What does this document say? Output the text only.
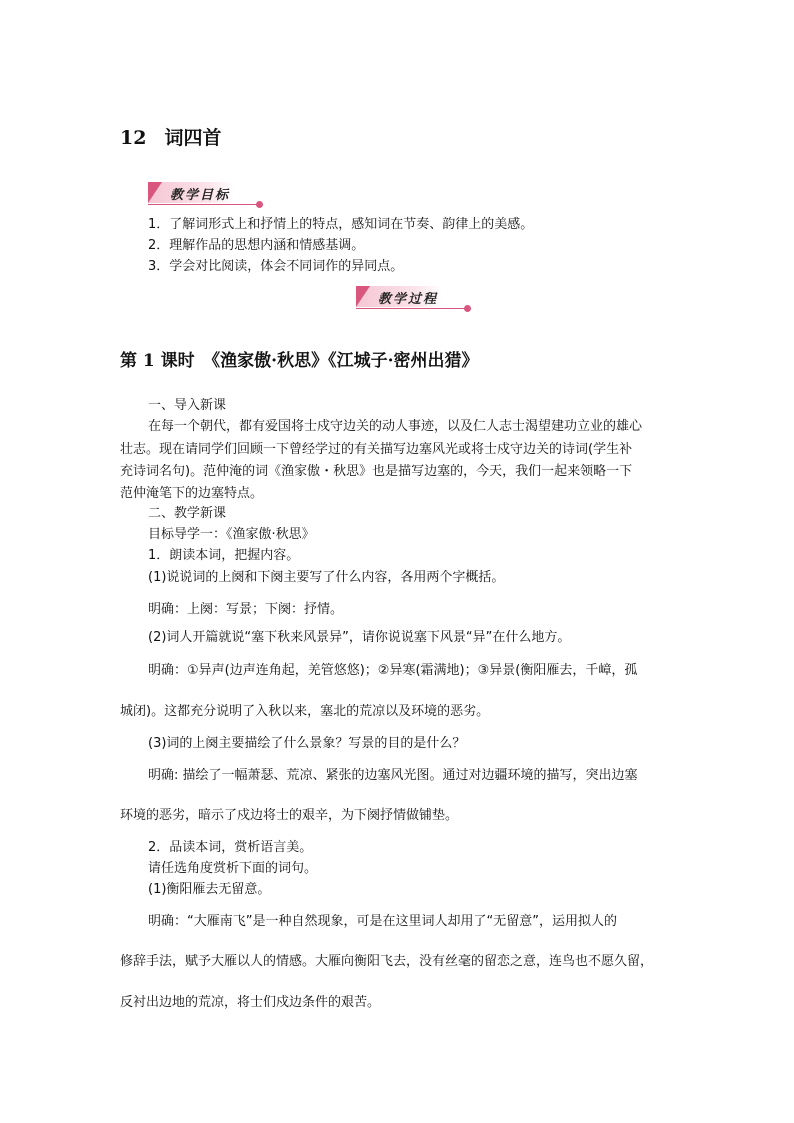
12 词四首
教学目标
1．了解词形式上和抒情上的特点，感知词在节奏、韵律上的美感。
2．理解作品的思想内涵和情感基调。
3．学会对比阅读，体会不同词作的异同点。
教学过程
第 1 课时　《渔家傲·秋思》《江城子·密州出猎》
一、导入新课
在每一个朝代，都有爱国将士戍守边关的动人事迹，以及仁人志士渴望建功立业的雄心
壮志。现在请同学们回顾一下曾经学过的有关描写边塞风光或将士戍守边关的诗词(学生补
充诗词名句)。范仲淹的词《渔家傲・秋思》也是描写边塞的，今天，我们一起来领略一下
范仲淹笔下的边塞特点。
二、教学新课
目标导学一：《渔家傲·秋思》
1．朗读本词，把握内容。
(1)说说词的上阕和下阕主要写了什么内容，各用两个字概括。
明确：上阕：写景；下阕：抒情。
(2)词人开篇就说“塞下秋来风景异”，请你说说塞下风景“异”在什么地方。
明确：①异声(边声连角起，羌管悠悠)；②异寒(霜满地)；③异景(衡阳雁去，千嶂，孤
城闭)。这都充分说明了入秋以来，塞北的荒凉以及环境的恶劣。
(3)词的上阕主要描绘了什么景象？写景的目的是什么？
明确: 描绘了一幅萧瑟、荒凉、紧张的边塞风光图。通过对边疆环境的描写，突出边塞
环境的恶劣，暗示了戍边将士的艰辛，为下阕抒情做铺垫。
2．品读本词，赏析语言美。
请任选角度赏析下面的词句。
(1)衡阳雁去无留意。
明确：“大雁南飞”是一种自然现象，可是在这里词人却用了“无留意”，运用拟人的
修辞手法，赋予大雁以人的情感。大雁向衡阳飞去，没有丝毫的留恋之意，连鸟也不愿久留，
反衬出边地的荒凉，将士们戍边条件的艰苦。
